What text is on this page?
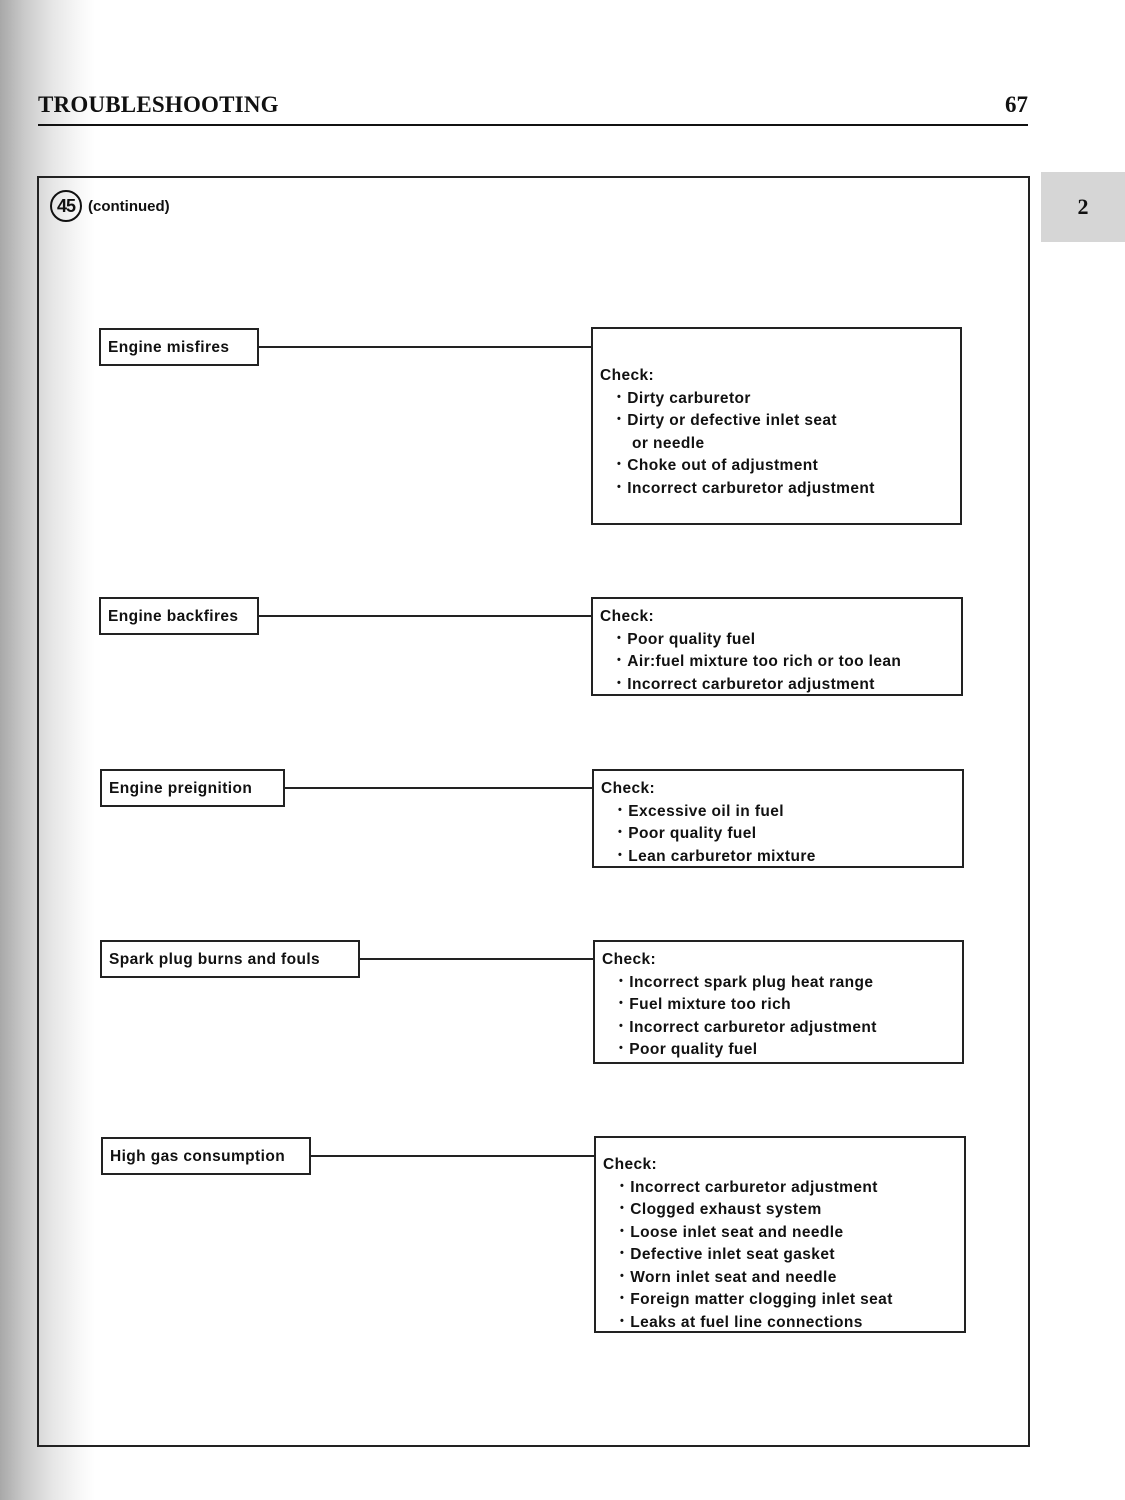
TROUBLESHOOTING	67
2
45 (continued)
Engine misfires
Check:
• Dirty carburetor
• Dirty or defective inlet seat
or needle
• Choke out of adjustment
• Incorrect carburetor adjustment
Engine backfires	Check:
• Poor quality fuel
• Air:fuel mixture too rich or too lean
• Incorrect carburetor adjustment
Engine preignition	Check:
• Excessive oil in fuel
• Poor quality fuel
• Lean carburetor mixture
Spark plug burns and fouls	Check:
• Incorrect spark plug heat range
• Fuel mixture too rich
• Incorrect carburetor adjustment
• Poor quality fuel
High gas consumption	Check:
• Incorrect carburetor adjustment
• Clogged exhaust system
• Loose inlet seat and needle
• Defective inlet seat gasket
• Worn inlet seat and needle
• Foreign matter clogging inlet seat
• Leaks at fuel line connections
